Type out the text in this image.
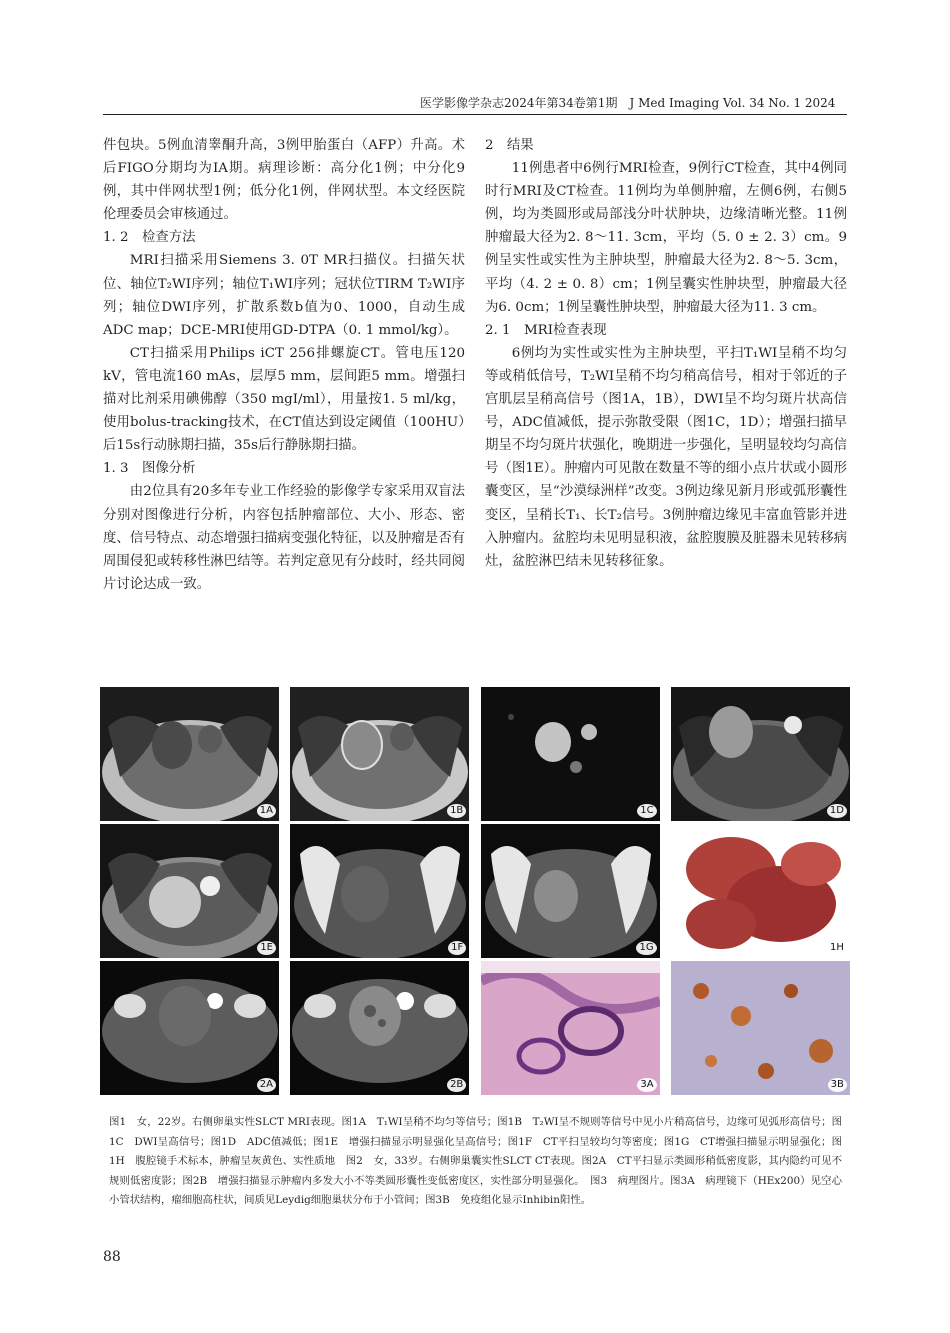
医学影像学杂志2024年第34卷第1期　J Med Imaging Vol. 34 No. 1 2024

件包块。5例血清睾酮升高，3例甲胎蛋白（AFP）升高。术后FIGO分期均为IA期。病理诊断：高分化1例；中分化9例，其中伴网状型1例；低分化1例，伴网状型。本文经医院伦理委员会审核通过。

1. 2　检查方法

MRI扫描采用Siemens 3. 0T MR扫描仪。扫描矢状位、轴位T₂WI序列；轴位T₁WI序列；冠状位TIRM T₂WI序列；轴位DWI序列，扩散系数b值为0、1000，自动生成ADC map；DCE-MRI使用GD-DTPA（0. 1 mmol/kg）。

CT扫描采用Philips iCT 256排螺旋CT。管电压120 kV，管电流160 mAs，层厚5 mm，层间距5 mm。增强扫描对比剂采用碘佛醇（350 mgI/ml），用量按1. 5 ml/kg，使用bolus-tracking技术，在CT值达到设定阈值（100HU）后15s行动脉期扫描，35s后行静脉期扫描。

1. 3　图像分析

由2位具有20多年专业工作经验的影像学专家采用双盲法分别对图像进行分析，内容包括肿瘤部位、大小、形态、密度、信号特点、动态增强扫描病变强化特征，以及肿瘤是否有周围侵犯或转移性淋巴结等。若判定意见有分歧时，经共同阅片讨论达成一致。

2　结果

11例患者中6例行MRI检查，9例行CT检查，其中4例同时行MRI及CT检查。11例均为单侧肿瘤，左侧6例，右侧5例，均为类圆形或局部浅分叶状肿块，边缘清晰光整。11例肿瘤最大径为2. 8～11. 3cm，平均（5. 0 ± 2. 3）cm。9例呈实性或实性为主肿块型，肿瘤最大径为2. 8～5. 3cm，平均（4. 2 ± 0. 8）cm；1例呈囊实性肿块型，肿瘤最大径为6. 0cm；1例呈囊性肿块型，肿瘤最大径为11. 3 cm。

2. 1　MRI检查表现

6例均为实性或实性为主肿块型，平扫T₁WI呈稍不均匀等或稍低信号，T₂WI呈稍不均匀稍高信号，相对于邻近的子宫肌层呈稍高信号（图1A，1B），DWI呈不均匀斑片状高信号，ADC值减低，提示弥散受限（图1C，1D）；增强扫描早期呈不均匀斑片状强化，晚期进一步强化，呈明显较均匀高信号（图1E）。肿瘤内可见散在数量不等的细小点片状或小圆形囊变区，呈“沙漠绿洲样”改变。3例边缘见新月形或弧形囊性变区，呈稍长T₁、长T₂信号。3例肿瘤边缘见丰富血管影并进入肿瘤内。盆腔均未见明显积液，盆腔腹膜及脏器未见转移病灶，盆腔淋巴结未见转移征象。

1A	1B	1C	1D
1E	1F	1G	1H
2A	2B	3A	3B

图1　女，22岁。右侧卵巢实性SLCT MRI表现。图1A　T₁WI呈稍不均匀等信号；图1B　T₂WI呈不规则等信号中见小片稍高信号，边缘可见弧形高信号；图1C　DWI呈高信号；图1D　ADC值减低；图1E　增强扫描显示明显强化呈高信号；图1F　CT平扫呈较均匀等密度；图1G　CT增强扫描显示明显强化；图1H　腹腔镜手术标本，肿瘤呈灰黄色、实性质地　图2　女，33岁。右侧卵巢囊实性SLCT CT表现。图2A　CT平扫显示类圆形稍低密度影，其内隐约可见不规则低密度影；图2B　增强扫描显示肿瘤内多发大小不等类圆形囊性变低密度区，实性部分明显强化。　图3　病理图片。图3A　病理镜下（HEx200）见空心小管状结构，瘤细胞高柱状，间质见Leydig细胞巢状分布于小管间；图3B　免疫组化显示Inhibin阳性。

88
